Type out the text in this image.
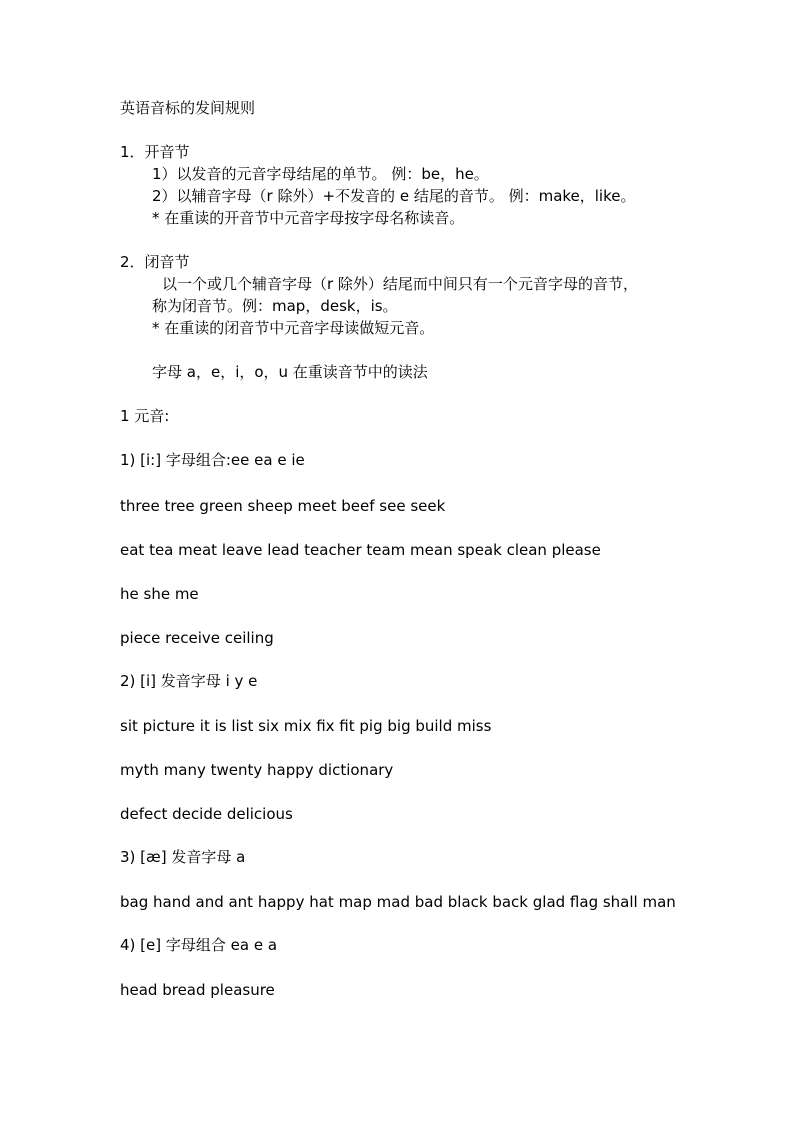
英语音标的发间规则
1．开音节
1）以发音的元音字母结尾的单节。 例：be，he。
2）以辅音字母（r 除外）+不发音的 e 结尾的音节。 例：make，like。
* 在重读的开音节中元音字母按字母名称读音。
2．闭音节
以一个或几个辅音字母（r 除外）结尾而中间只有一个元音字母的音节，
称为闭音节。例：map，desk，is。
* 在重读的闭音节中元音字母读做短元音。
字母 a，e，i，o，u 在重读音节中的读法
1 元音:
1) [i:] 字母组合:ee ea e ie
three tree green sheep meet beef see seek
eat tea meat leave lead teacher team mean speak clean please
he she me
piece receive ceiling
2) [i] 发音字母 i y e
sit picture it is list six mix fix fit pig big build miss
myth many twenty happy dictionary
defect decide delicious
3) [æ] 发音字母 a
bag hand and ant happy hat map mad bad black back glad flag shall man
4) [e] 字母组合 ea e a
head bread pleasure
